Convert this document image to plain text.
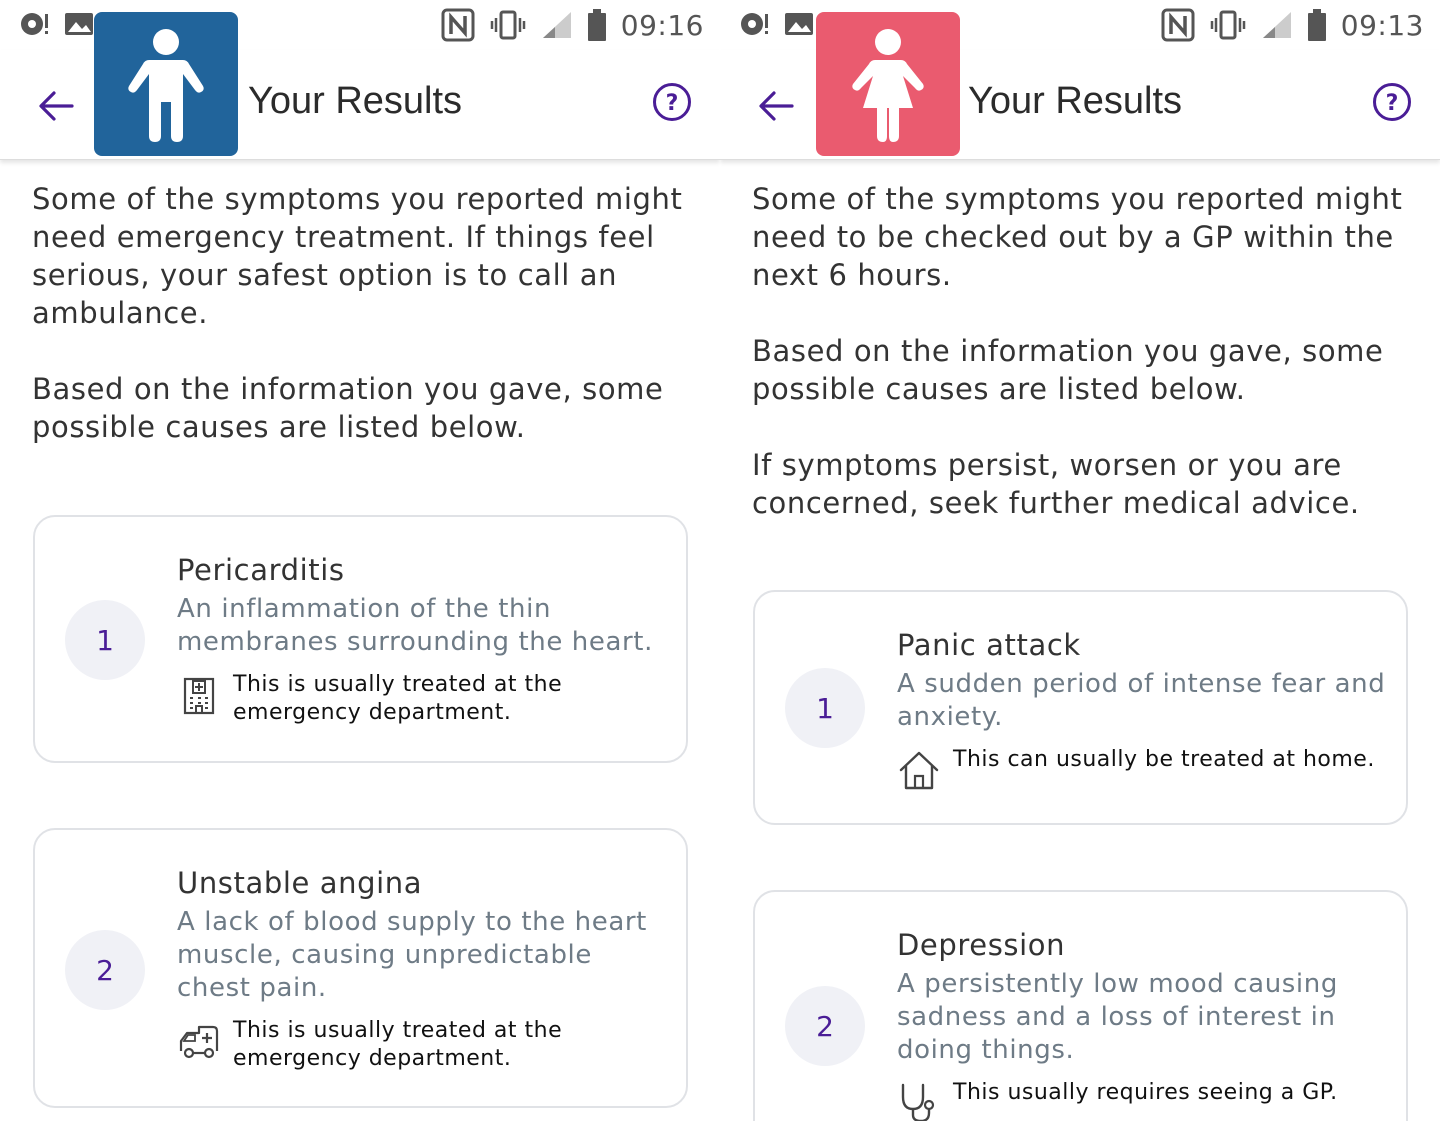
09:16
Your Results	?

Some of the symptoms you reported might need emergency treatment. If things feel serious, your safest option is to call an ambulance.

Based on the information you gave, some possible causes are listed below.

1
Pericarditis
An inflammation of the thin membranes surrounding the heart.
This is usually treated at the emergency department.
2
Unstable angina
A lack of blood supply to the heart muscle, causing unpredictable chest pain.
This is usually treated at the emergency department.
09:13
Your Results	?

Some of the symptoms you reported might need to be checked out by a GP within the next 6 hours.

Based on the information you gave, some possible causes are listed below.

If symptoms persist, worsen or you are concerned, seek further medical advice.

1
Panic attack
A sudden period of intense fear and anxiety.
This can usually be treated at home.
2
Depression
A persistently low mood causing sadness and a loss of interest in doing things.
This usually requires seeing a GP.
